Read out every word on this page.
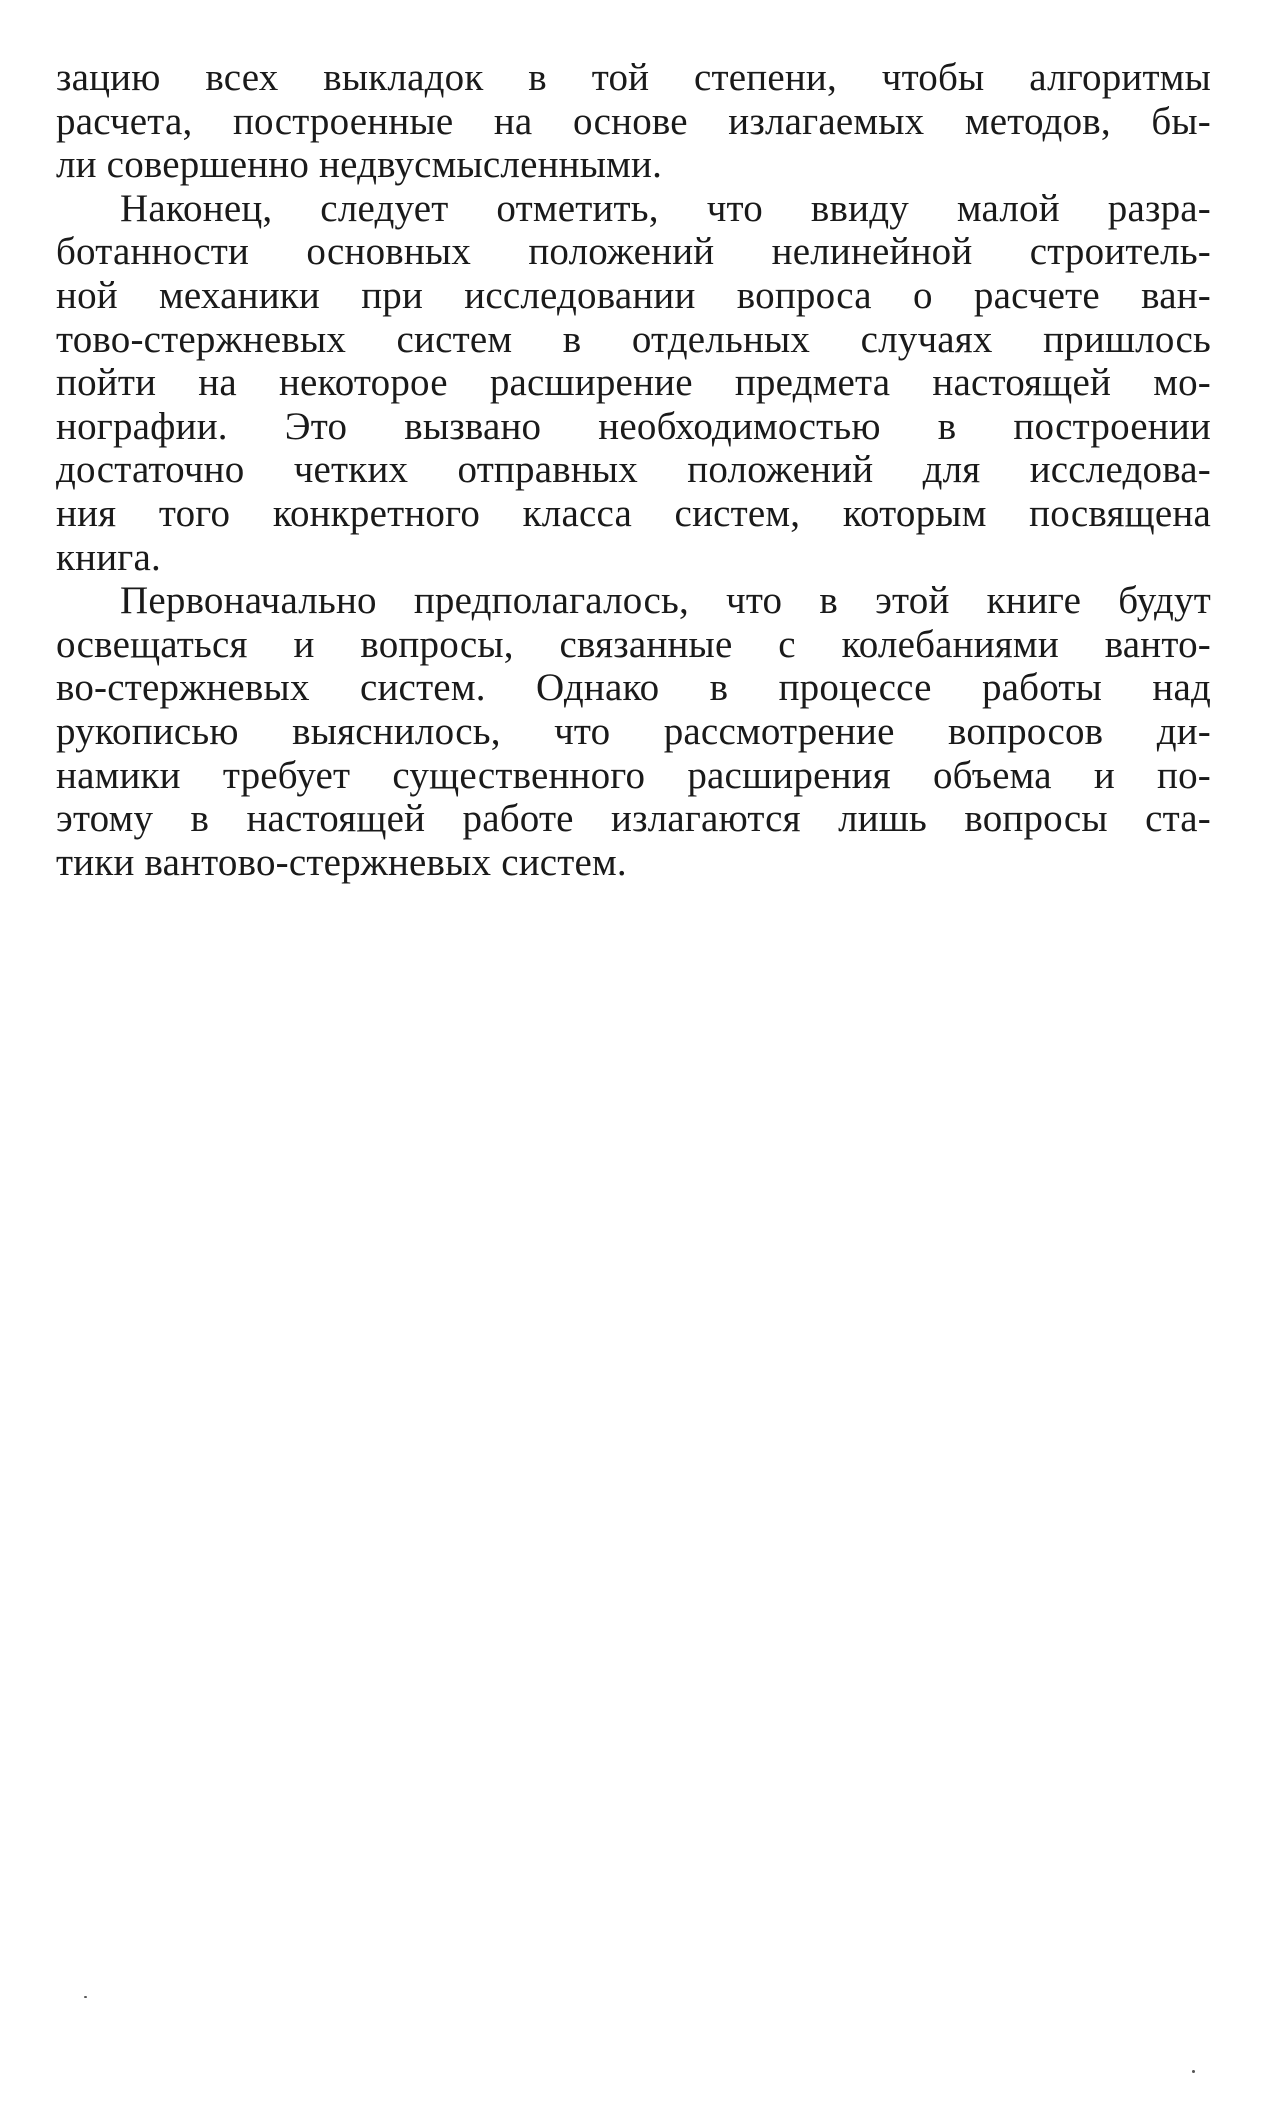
зацию всех выкладок в той степени, чтобы алгоритмы
расчета, построенные на основе излагаемых методов, бы-
ли совершенно недвусмысленными.
Наконец, следует отметить, что ввиду малой разра-
ботанности основных положений нелинейной строитель-
ной механики при исследовании вопроса о расчете ван-
тово-стержневых систем в отдельных случаях пришлось
пойти на некоторое расширение предмета настоящей мо-
нографии. Это вызвано необходимостью в построении
достаточно четких отправных положений для исследова-
ния того конкретного класса систем, которым посвящена
книга.
Первоначально предполагалось, что в этой книге будут
освещаться и вопросы, связанные с колебаниями ванто-
во-стержневых систем. Однако в процессе работы над
рукописью выяснилось, что рассмотрение вопросов ди-
намики требует существенного расширения объема и по-
этому в настоящей работе излагаются лишь вопросы ста-
тики вантово-стержневых систем.
